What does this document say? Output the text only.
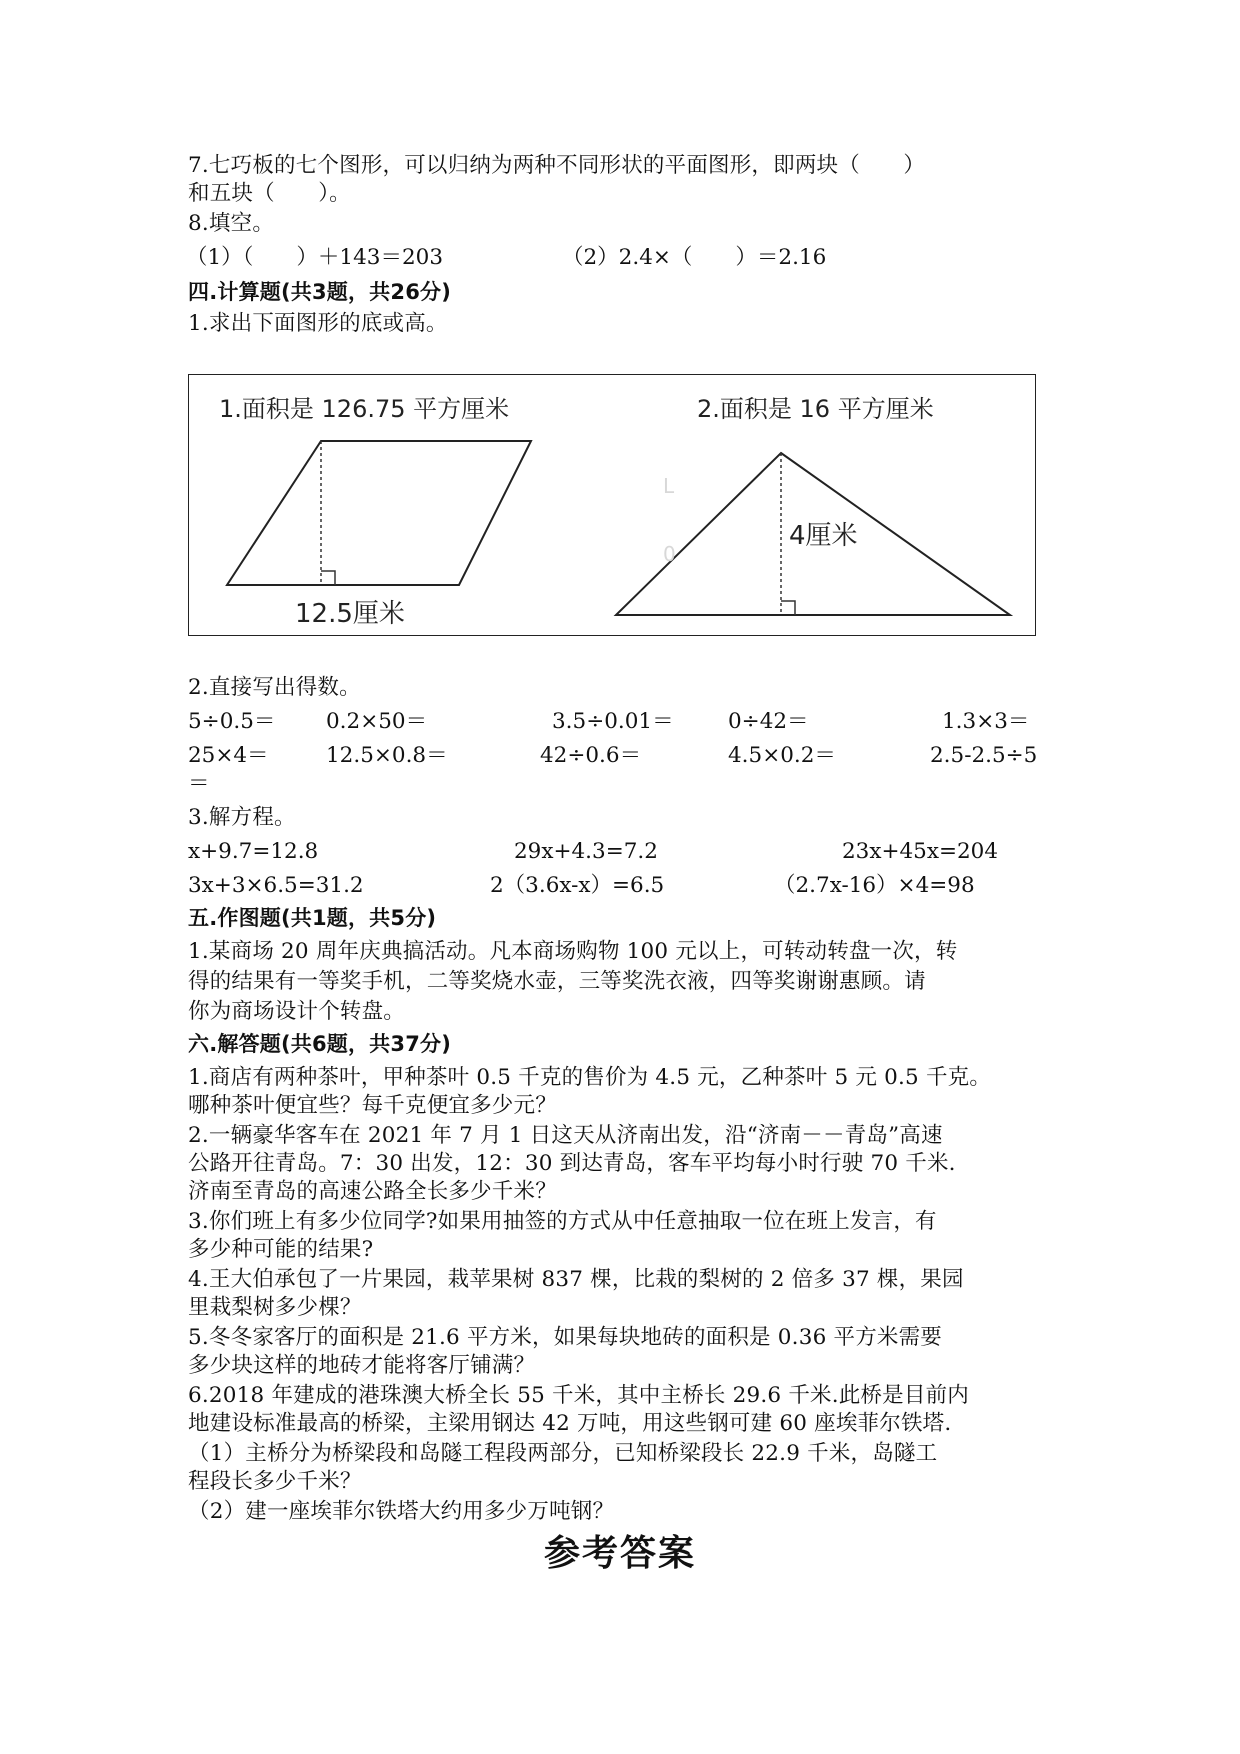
7.七巧板的七个图形，可以归纳为两种不同形状的平面图形，即两块（　　）
和五块（　　）。
8.填空。
（1）（　　）＋143＝203	（2）2.4×（　　）＝2.16
四.计算题(共3题，共26分)
1.求出下面图形的底或高。
L
0
1.面积是 126.75 平方厘米
12.5厘米
2.面积是 16 平方厘米
4厘米
2.直接写出得数。
5÷0.5＝ 0.2×50＝	3.5÷0.01＝	0÷42＝	1.3×3＝
25×4＝	12.5×0.8＝	42÷0.6＝	4.5×0.2＝	2.5-2.5÷5
＝
3.解方程。
x+9.7=12.8	29x+4.3=7.2	23x+45x=204
3x+3×6.5=31.2	2（3.6x-x）=6.5	（2.7x-16）×4=98
五.作图题(共1题，共5分)
1.某商场 20 周年庆典搞活动。凡本商场购物 100 元以上，可转动转盘一次，转
得的结果有一等奖手机，二等奖烧水壶，三等奖洗衣液，四等奖谢谢惠顾。请
你为商场设计个转盘。
六.解答题(共6题，共37分)
1.商店有两种茶叶，甲种茶叶 0.5 千克的售价为 4.5 元，乙种茶叶 5 元 0.5 千克。
哪种茶叶便宜些？每千克便宜多少元？
2.一辆豪华客车在 2021 年 7 月 1 日这天从济南出发，沿“济南－－青岛”高速
公路开往青岛。7：30 出发，12：30 到达青岛，客车平均每小时行驶 70 千米.
济南至青岛的高速公路全长多少千米？
3.你们班上有多少位同学?如果用抽签的方式从中任意抽取一位在班上发言，有
多少种可能的结果?
4.王大伯承包了一片果园，栽苹果树 837 棵，比栽的梨树的 2 倍多 37 棵，果园
里栽梨树多少棵？
5.冬冬家客厅的面积是 21.6 平方米，如果每块地砖的面积是 0.36 平方米需要
多少块这样的地砖才能将客厅铺满？
6.2018 年建成的港珠澳大桥全长 55 千米，其中主桥长 29.6 千米.此桥是目前内
地建设标准最高的桥梁，主梁用钢达 42 万吨，用这些钢可建 60 座埃菲尔铁塔.
（1）主桥分为桥梁段和岛隧工程段两部分，已知桥梁段长 22.9 千米，岛隧工
程段长多少千米？
（2）建一座埃菲尔铁塔大约用多少万吨钢？
参考答案
